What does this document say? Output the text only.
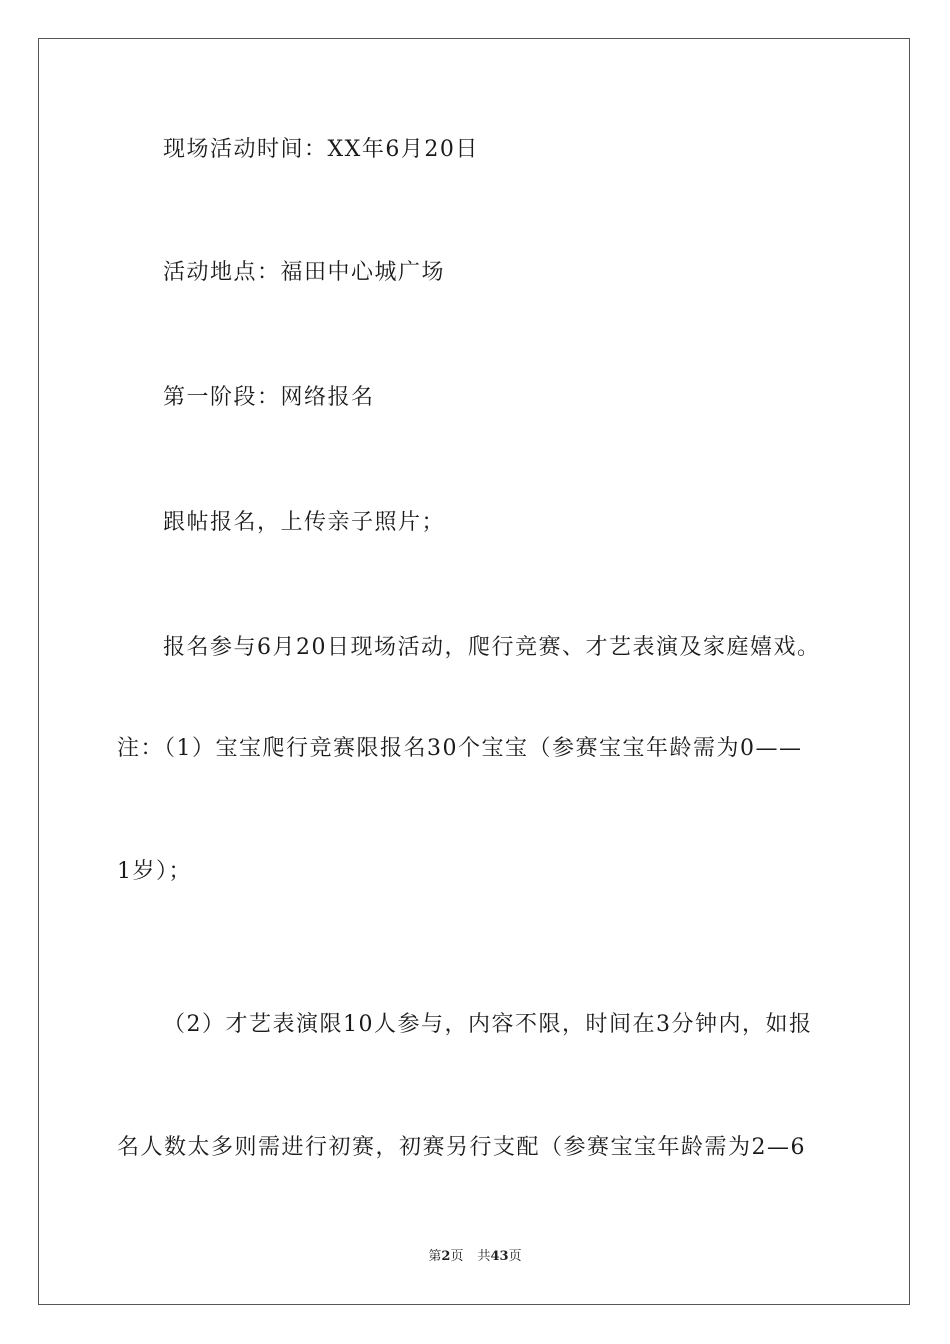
现场活动时间：XX年6月20日
活动地点：福田中心城广场
第一阶段：网络报名
跟帖报名，上传亲子照片；
报名参与6月20日现场活动，爬行竞赛、才艺表演及家庭嬉戏。
注：（1）宝宝爬行竞赛限报名30个宝宝（参赛宝宝年龄需为0——
1岁）；
（2）才艺表演限10人参与，内容不限，时间在3分钟内，如报
名人数太多则需进行初赛，初赛另行支配（参赛宝宝年龄需为2—6
第2页 共43页
